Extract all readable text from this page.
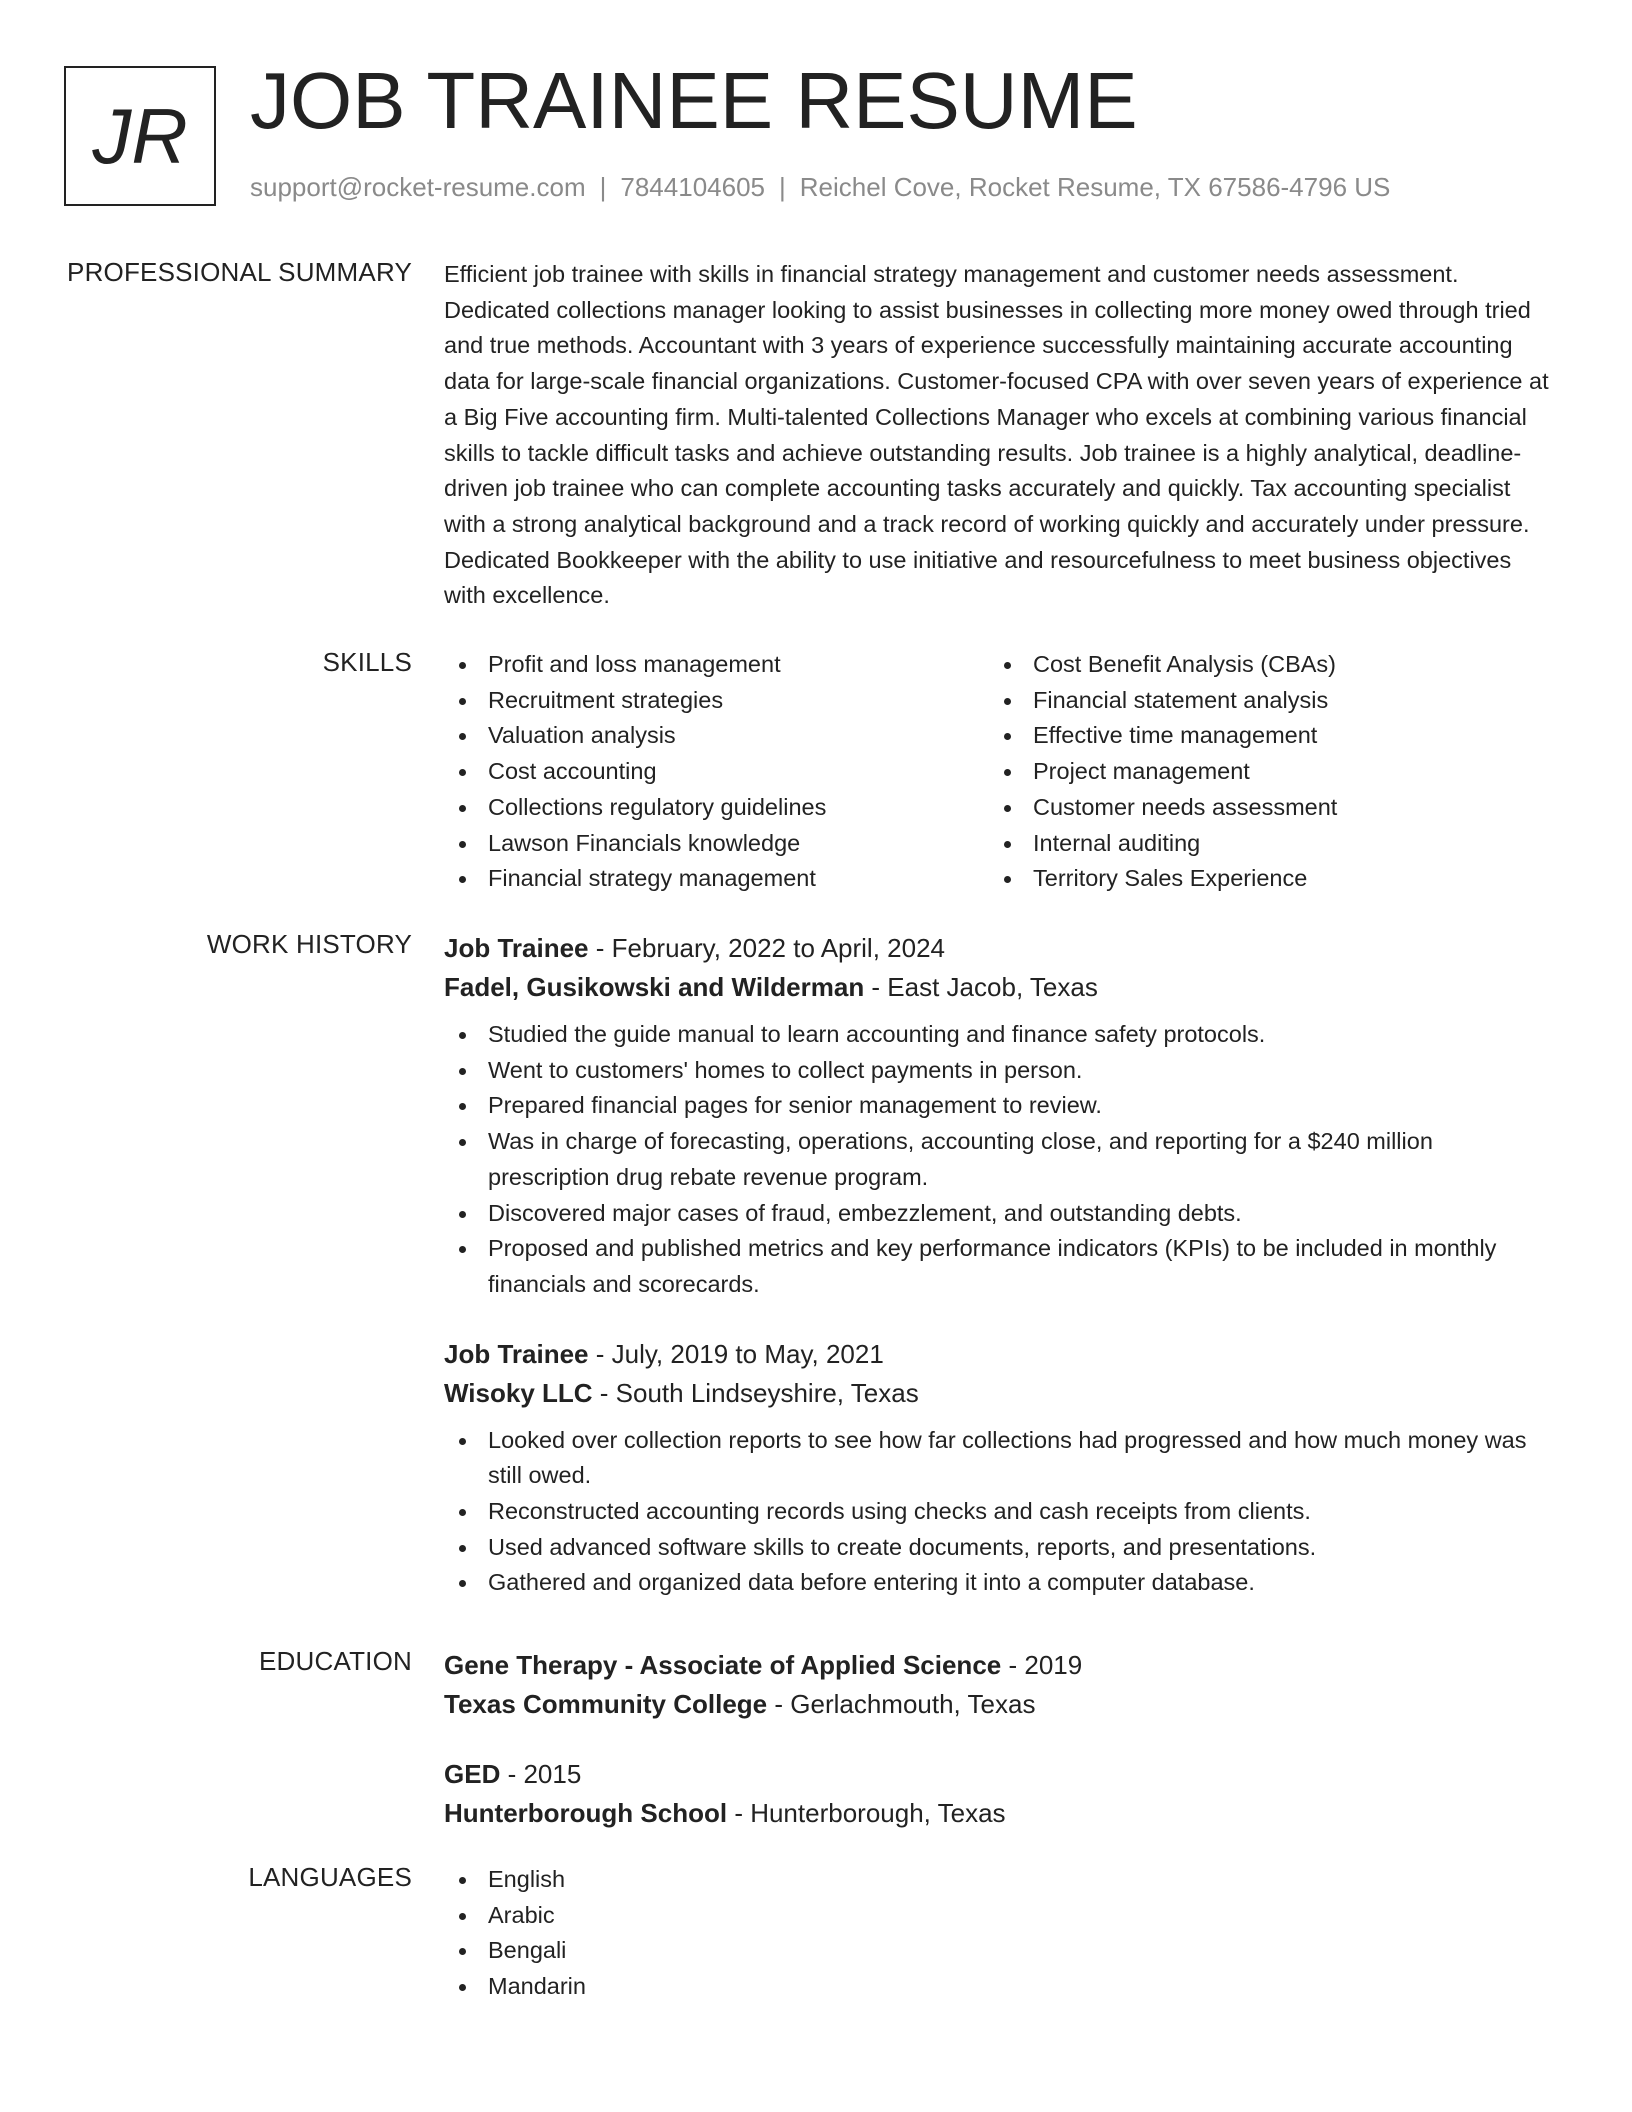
JR JOB TRAINEE RESUME
support@rocket-resume.com | 7844104605 | Reichel Cove, Rocket Resume, TX 67586-4796 US
PROFESSIONAL SUMMARY Efficient job trainee with skills in financial strategy management and customer needs assessment. Dedicated collections manager looking to assist businesses in collecting more money owed through tried and true methods. Accountant with 3 years of experience successfully maintaining accurate accounting data for large-scale financial organizations. Customer-focused CPA with over seven years of experience at a Big Five accounting firm. Multi-talented Collections Manager who excels at combining various financial skills to tackle difficult tasks and achieve outstanding results. Job trainee is a highly analytical, deadline-driven job trainee who can complete accounting tasks accurately and quickly. Tax accounting specialist with a strong analytical background and a track record of working quickly and accurately under pressure. Dedicated Bookkeeper with the ability to use initiative and resourcefulness to meet business objectives with excellence.

SKILLS	Profit and loss management
Recruitment strategies
Valuation analysis
Cost accounting
Collections regulatory guidelines
Lawson Financials knowledge
Financial strategy management
Cost Benefit Analysis (CBAs)
Financial statement analysis
Effective time management
Project management
Customer needs assessment
Internal auditing
Territory Sales Experience
WORK HISTORY Job Trainee - February, 2022 to April, 2024
Fadel, Gusikowski and Wilderman - East Jacob, Texas
Studied the guide manual to learn accounting and finance safety protocols.
Went to customers' homes to collect payments in person.
Prepared financial pages for senior management to review.
Was in charge of forecasting, operations, accounting close, and reporting for a $240 million prescription drug rebate revenue program.
Discovered major cases of fraud, embezzlement, and outstanding debts.
Proposed and published metrics and key performance indicators (KPIs) to be included in monthly financials and scorecards.
Job Trainee - July, 2019 to May, 2021
Wisoky LLC - South Lindseyshire, Texas
Looked over collection reports to see how far collections had progressed and how much money was still owed.
Reconstructed accounting records using checks and cash receipts from clients.
Used advanced software skills to create documents, reports, and presentations.
Gathered and organized data before entering it into a computer database.
EDUCATION Gene Therapy - Associate of Applied Science - 2019
Texas Community College - Gerlachmouth, Texas
GED - 2015
Hunterborough School - Hunterborough, Texas
LANGUAGES	English
Arabic
Bengali
Mandarin
